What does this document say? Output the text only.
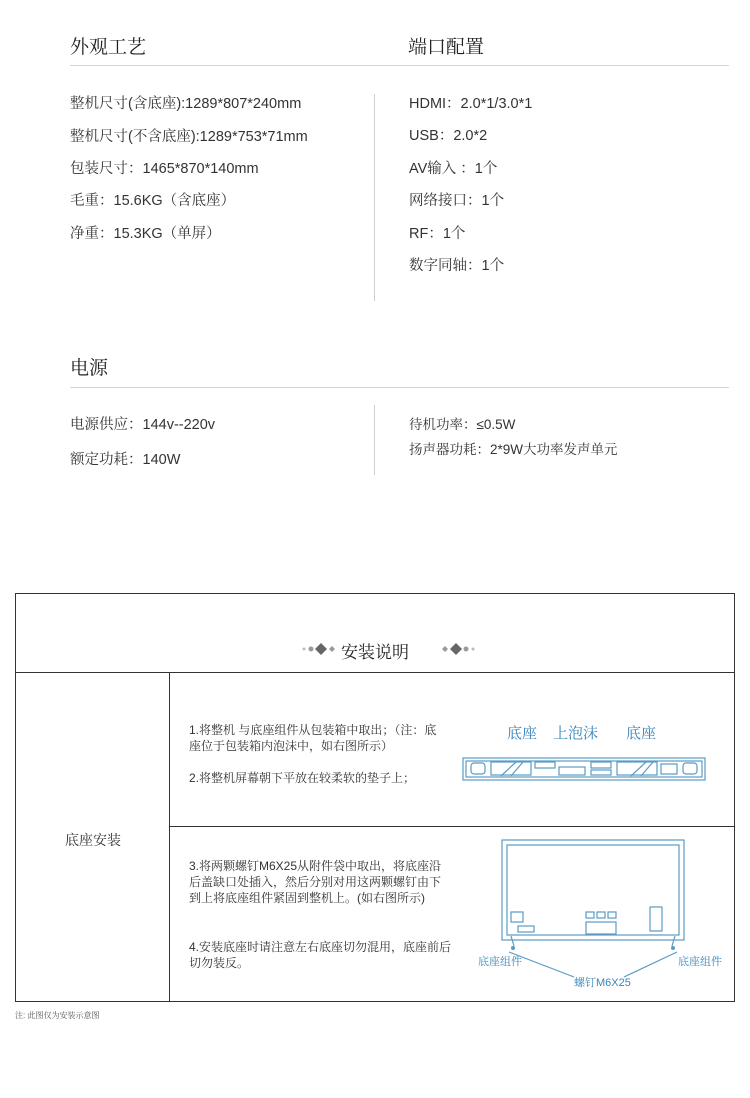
外观工艺	端口配置
整机尺寸(含底座):1289*807*240mm
整机尺寸(不含底座):1289*753*71mm
包装尺寸：1465*870*140mm
毛重：15.6KG（含底座）
净重：15.3KG（单屏）
HDMI：2.0*1/3.0*1
USB：2.0*2
AV输入 ：1个
网络接口：1个
RF：1个
数字同轴：1个
电源
电源供应：144v--220v
额定功耗：140W
待机功率：≤0.5W
扬声器功耗：2*9W大功率发声单元
安装说明
底座安装
1.将整机 与底座组件从包装箱中取出；（注：底座位于包装箱内泡沫中，如右图所示）
2.将整机屏幕朝下平放在较柔软的垫子上；
底座 上泡沫 底座
3.将两颗螺钉M6X25从附件袋中取出，将底座沿后盖缺口处插入，然后分别对用这两颗螺钉由下到上将底座组件紧固到整机上。(如右图所示)
4.安装底座时请注意左右底座切勿混用，底座前后切勿装反。	底座组件	底座组件
螺钉M6X25
注: 此图仅为安装示意图
